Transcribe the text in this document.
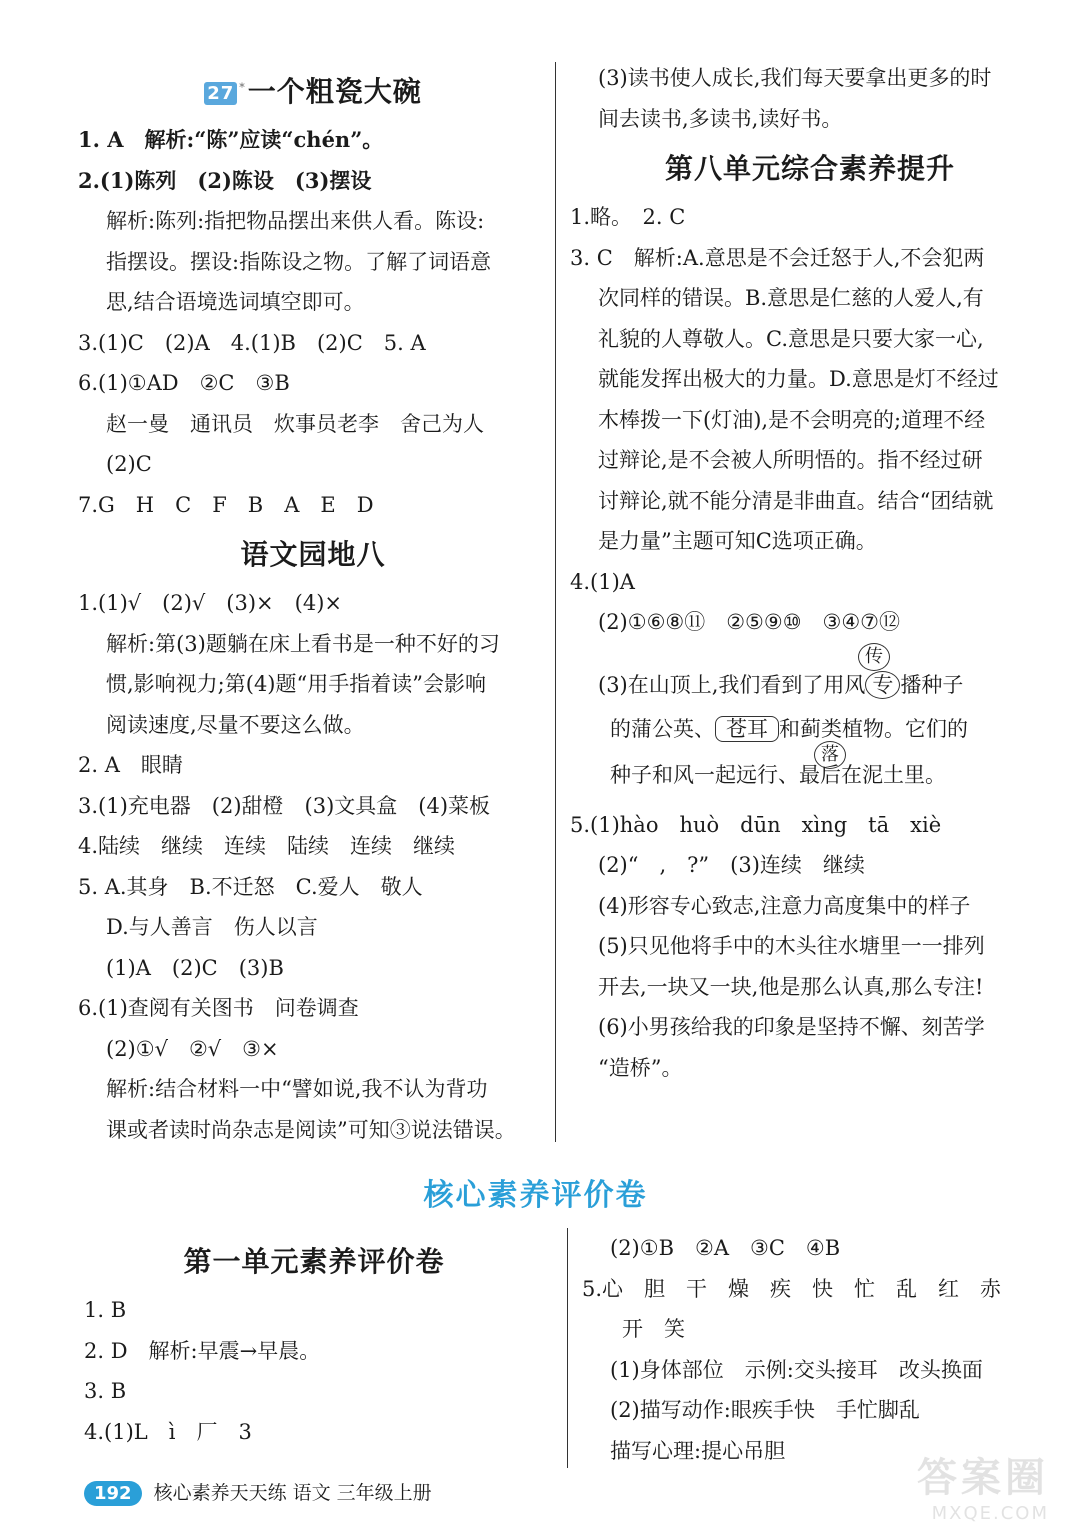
27 *一个粗瓷大碗
1. A　解析:“陈”应读“chén”。
2.(1)陈列　(2)陈设　(3)摆设
解析:陈列:指把物品摆出来供人看。陈设:
指摆设。摆设:指陈设之物。了解了词语意
思,结合语境选词填空即可。
3.(1)C　(2)A　4.(1)B　(2)C　5. A
6.(1)①AD　②C　③B
赵一曼　通讯员　炊事员老李　舍己为人
(2)C
7.G　H　C　F　B　A　E　D
语文园地八
1.(1)√　(2)√　(3)×　(4)×
解析:第(3)题躺在床上看书是一种不好的习
惯,影响视力;第(4)题“用手指着读”会影响
阅读速度,尽量不要这么做。
2. A　眼睛
3.(1)充电器　(2)甜橙　(3)文具盒　(4)菜板
4.陆续　继续　连续　陆续　连续　继续
5. A.其身　B.不迁怒　C.爱人　敬人
D.与人善言　伤人以言
(1)A　(2)C　(3)B
6.(1)查阅有关图书　问卷调查
(2)①√　②√　③×
解析:结合材料一中“譬如说,我不认为背功
课或者读时尚杂志是阅读”可知③说法错误。
(3)读书使人成长,我们每天要拿出更多的时
间去读书,多读书,读好书。
第八单元综合素养提升
1.略。　2. C
3. C　解析:A.意思是不会迁怒于人,不会犯两
次同样的错误。B.意思是仁慈的人爱人,有
礼貌的人尊敬人。C.意思是只要大家一心,
就能发挥出极大的力量。D.意思是灯不经过
木棒拨一下(灯油),是不会明亮的;道理不经
过辩论,是不会被人所明悟的。指不经过研
讨辩论,就不能分清是非曲直。结合“团结就
是力量”主题可知C选项正确。
4.(1)A
(2)①⑥⑧⑪　②⑤⑨⑩　③④⑦⑫
传
(3)在山顶上,我们看到了用风 专 播种子
的蒲公英、 苍耳 和蓟类植物。它们的
落
种子和风一起远行、最后在泥土里。
5.(1)hào　huò　dūn　xìng　tā　xiè
(2)“　,　?”　(3)连续　继续
(4)形容专心致志,注意力高度集中的样子
(5)只见他将手中的木头往水塘里一一排列
开去,一块又一块,他是那么认真,那么专注!
(6)小男孩给我的印象是坚持不懈、刻苦学
“造桥”。
核心素养评价卷
第一单元素养评价卷
1. B
2. D　解析:早震→早晨。
3. B
4.(1)L　ì　厂　3
(2)①B　②A　③C　④B
5.心　胆　干　燥　疾　快　忙　乱　红　赤
开　笑
(1)身体部位　示例:交头接耳　改头换面
(2)描写动作:眼疾手快　手忙脚乱
描写心理:提心吊胆
192 核心素养天天练 语文 三年级上册	答案圈
MXQE.COM
